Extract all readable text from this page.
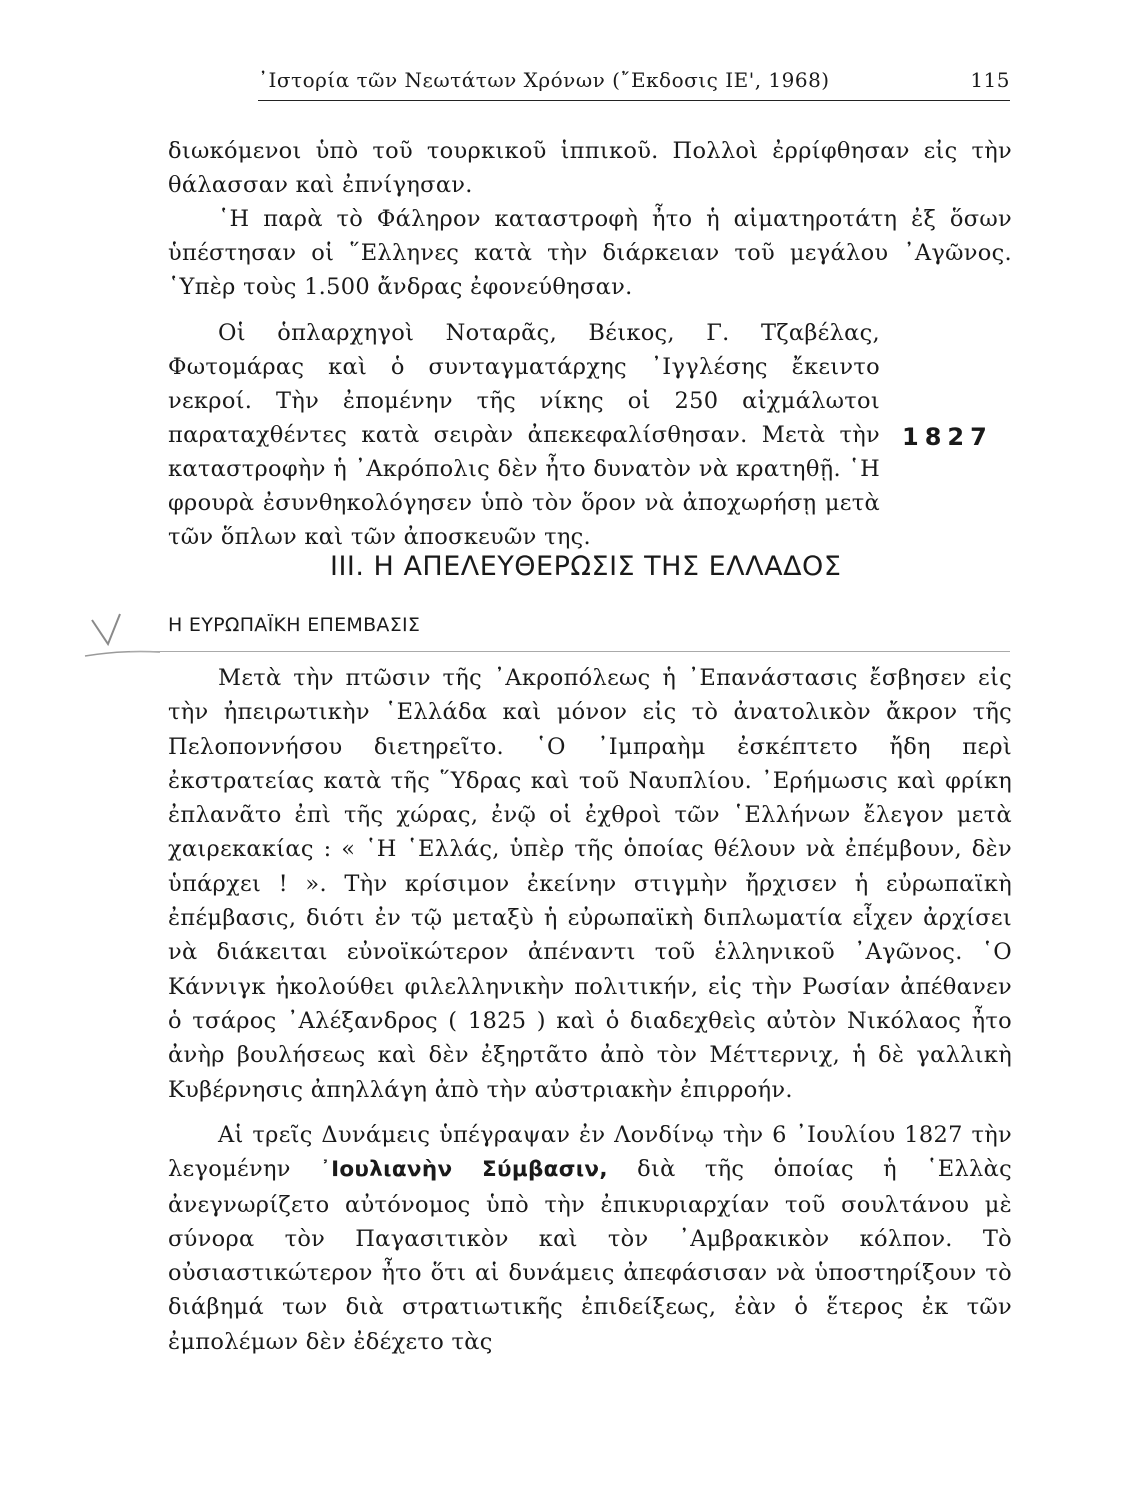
᾽Ιστορία τῶν Νεωτάτων Χρόνων (῎Εκδοσις ΙΕ', 1968)	115

διωκόμενοι ὑπὸ τοῦ τουρκικοῦ ἱππικοῦ. Πολλοὶ ἐρρίφθησαν εἰς τὴν θάλασσαν καὶ ἐπνίγησαν.

῾Η παρὰ τὸ Φάληρον καταστροφὴ ἦτο ἡ αἱματηροτάτη ἐξ ὅσων ὑπέστησαν οἱ ῞Ελληνες κατὰ τὴν διάρκειαν τοῦ μεγάλου ᾽Αγῶνος. ῾Υπὲρ τοὺς 1.500 ἄνδρας ἐφονεύθησαν.

Οἱ ὁπλαρχηγοὶ Νοταρᾶς, Βέικος, Γ. Τζαβέλας, Φωτομάρας καὶ ὁ συνταγματάρχης ᾽Ιγγλέσης ἔκειντο νεκροί. Τὴν ἐπομένην τῆς νίκης οἱ 250 αἰχμάλωτοι παραταχθέντες κατὰ σειρὰν ἀπεκεφαλίσθησαν. Μετὰ τὴν καταστροφὴν ἡ ᾽Ακρόπολις δὲν ἦτο δυνατὸν νὰ κρατηθῇ. ῾Η φρουρὰ ἐσυνθηκολόγησεν ὑπὸ τὸν ὅρον νὰ ἀποχωρήσῃ μετὰ τῶν ὅπλων καὶ τῶν ἀποσκευῶν της.

1827
III. Η ΑΠΕΛΕΥΘΕΡΩΣΙΣ ΤΗΣ ΕΛΛΑΔΟΣ
Η ΕΥΡΩΠΑΪΚΗ ΕΠΕΜΒΑΣΙΣ

Μετὰ τὴν πτῶσιν τῆς ᾽Ακροπόλεως ἡ ᾽Επανάστασις ἔσβησεν εἰς τὴν ἠπειρωτικὴν ῾Ελλάδα καὶ μόνον εἰς τὸ ἀνατολικὸν ἄκρον τῆς Πελοποννήσου διετηρεῖτο. ῾Ο ᾽Ιμπραὴμ ἐσκέπτετο ἤδη περὶ ἐκστρατείας κατὰ τῆς ῞Υδρας καὶ τοῦ Ναυπλίου. ᾽Ερήμωσις καὶ φρίκη ἐπλανᾶτο ἐπὶ τῆς χώρας, ἐνῷ οἱ ἐχθροὶ τῶν ῾Ελλήνων ἔλεγον μετὰ χαιρεκακίας : « ῾Η ῾Ελλάς, ὑπὲρ τῆς ὁποίας θέλουν νὰ ἐπέμβουν, δὲν ὑπάρχει ! ». Τὴν κρίσιμον ἐκείνην στιγμὴν ἤρχισεν ἡ εὐρωπαϊκὴ ἐπέμβασις, διότι ἐν τῷ μεταξὺ ἡ εὐρωπαϊκὴ διπλωματία εἶχεν ἀρχίσει νὰ διάκειται εὐνοϊκώτερον ἀπέναντι τοῦ ἑλληνικοῦ ᾽Αγῶνος. ῾Ο Κάννιγκ ἠκολούθει φιλελληνικὴν πολιτικήν, εἰς τὴν Ρωσίαν ἀπέθανεν ὁ τσάρος ᾽Αλέξανδρος ( 1825 ) καὶ ὁ διαδεχθεὶς αὐτὸν Νικόλαος ἦτο ἀνὴρ βουλήσεως καὶ δὲν ἐξηρτᾶτο ἀπὸ τὸν Μέττερνιχ, ἡ δὲ γαλλικὴ Κυβέρνησις ἀπηλλάγη ἀπὸ τὴν αὐστριακὴν ἐπιρροήν.

Αἱ τρεῖς Δυνάμεις ὑπέγραψαν ἐν Λονδίνῳ τὴν 6 ᾽Ιουλίου 1827 τὴν λεγομένην ᾽Ιουλιανὴν Σύμβασιν, διὰ τῆς ὁποίας ἡ ῾Ελλὰς ἀνεγνωρίζετο αὐτόνομος ὑπὸ τὴν ἐπικυριαρχίαν τοῦ σουλτάνου μὲ σύνορα τὸν Παγασιτικὸν καὶ τὸν ᾽Αμβρακικὸν κόλπον. Τὸ οὐσιαστικώτερον ἦτο ὅτι αἱ δυνάμεις ἀπεφάσισαν νὰ ὑποστηρίξουν τὸ διάβημά των διὰ στρατιωτικῆς ἐπιδείξεως, ἐὰν ὁ ἕτερος ἐκ τῶν ἐμπολέμων δὲν ἐδέχετο τὰς
